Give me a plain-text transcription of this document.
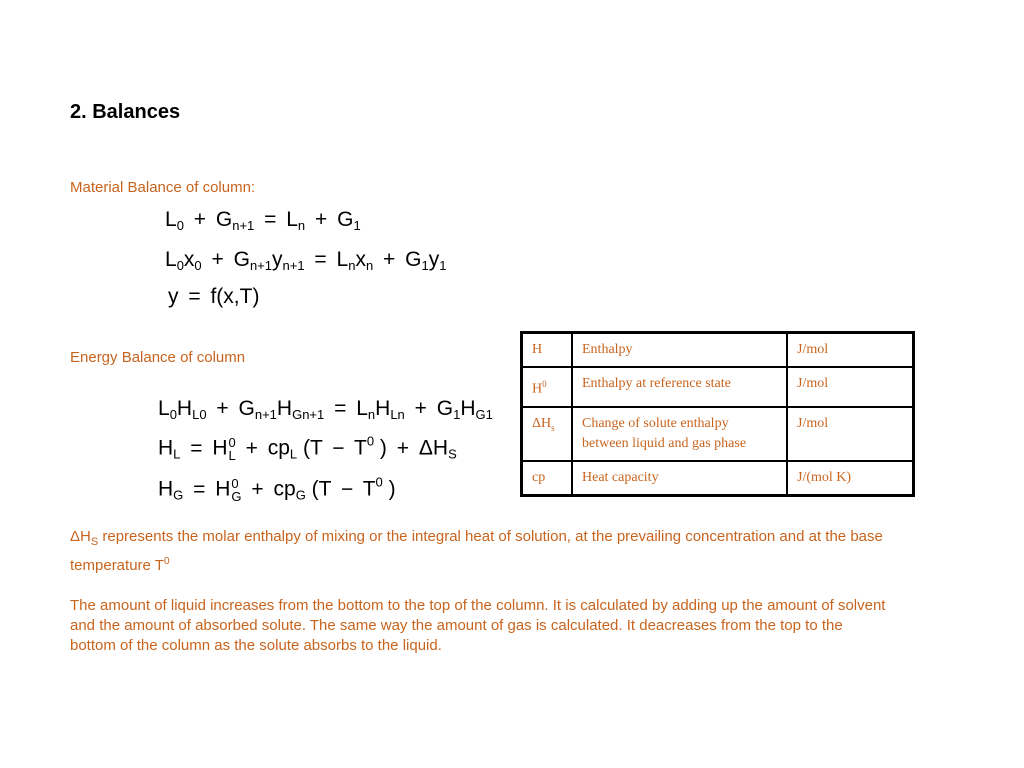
2. Balances
Material Balance of column:
$L_0 + G_{n+1} = L_n + G_1$
$L_0x_0 + G_{n+1}y_{n+1} = L_nx_n + G_1y_1$
y = f(x,T)
Energy Balance of column
$L_0H_{L0} + G_{n+1}H_{Gn+1} = L_nH_{Ln} + G_1H_{G1}$
$H_L = H$ 0
$L + cp_L$ ($T - T^0$ ) + $\Delta H_S$
$H_G = H$ 0
$G + cp_G$ ($T - T^0$ )
H	Enthalpy	J/mol
$H^0$	Enthalpy at reference state	J/mol
$\Delta H_s$	Change of solute enthalpy between liquid and gas phase	J/mol
cp	Heat capacity	J/(mol K)
$\Delta H_S$ represents the molar enthalpy of mixing or the integral heat of solution, at the prevailing concentration and at the base temperature $T^0$
The amount of liquid increases from the bottom to the top of the column. It is calculated by adding up the amount of solvent and the amount of absorbed solute. The same way the amount of gas is calculated. It deacreases from the top to the bottom of the column as the solute absorbs to the liquid.
